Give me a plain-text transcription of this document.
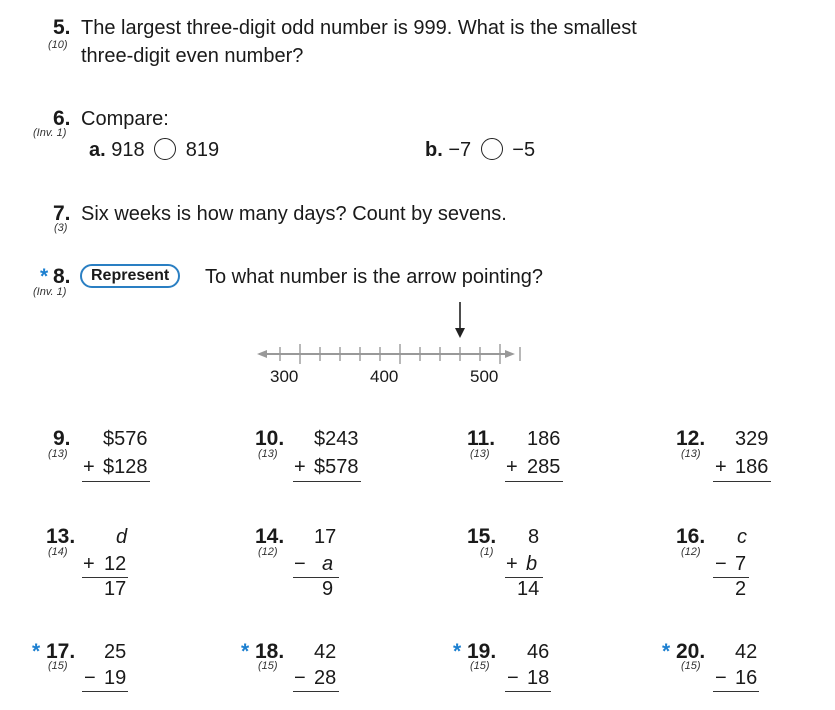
5.
(10)
The largest three-digit odd number is 999. What is the smallest
three-digit even number?
6.
(Inv. 1)
Compare:
a. 918 819	b. −7 −5
7.
(3)
Six weeks is how many days? Count by sevens.
* 8.
(Inv. 1)
Represent	To what number is the arrow pointing?
300	400	500
9.
(13)
$576
+ $128
10.
(13)
$243
+ $578
11.
(13)
186
+ 285
12.
(13)
329
+ 186
13.
(14)
d
+ 12
17
14.
(12)
17
− a
9
15.
(1)
8
+ b
14
16.
(12)
c
− 7
2
* 17.
(15)
25
− 19
* 18.
(15)
42
− 28
* 19.
(15)
46
− 18
* 20.
(15)
42
− 16
